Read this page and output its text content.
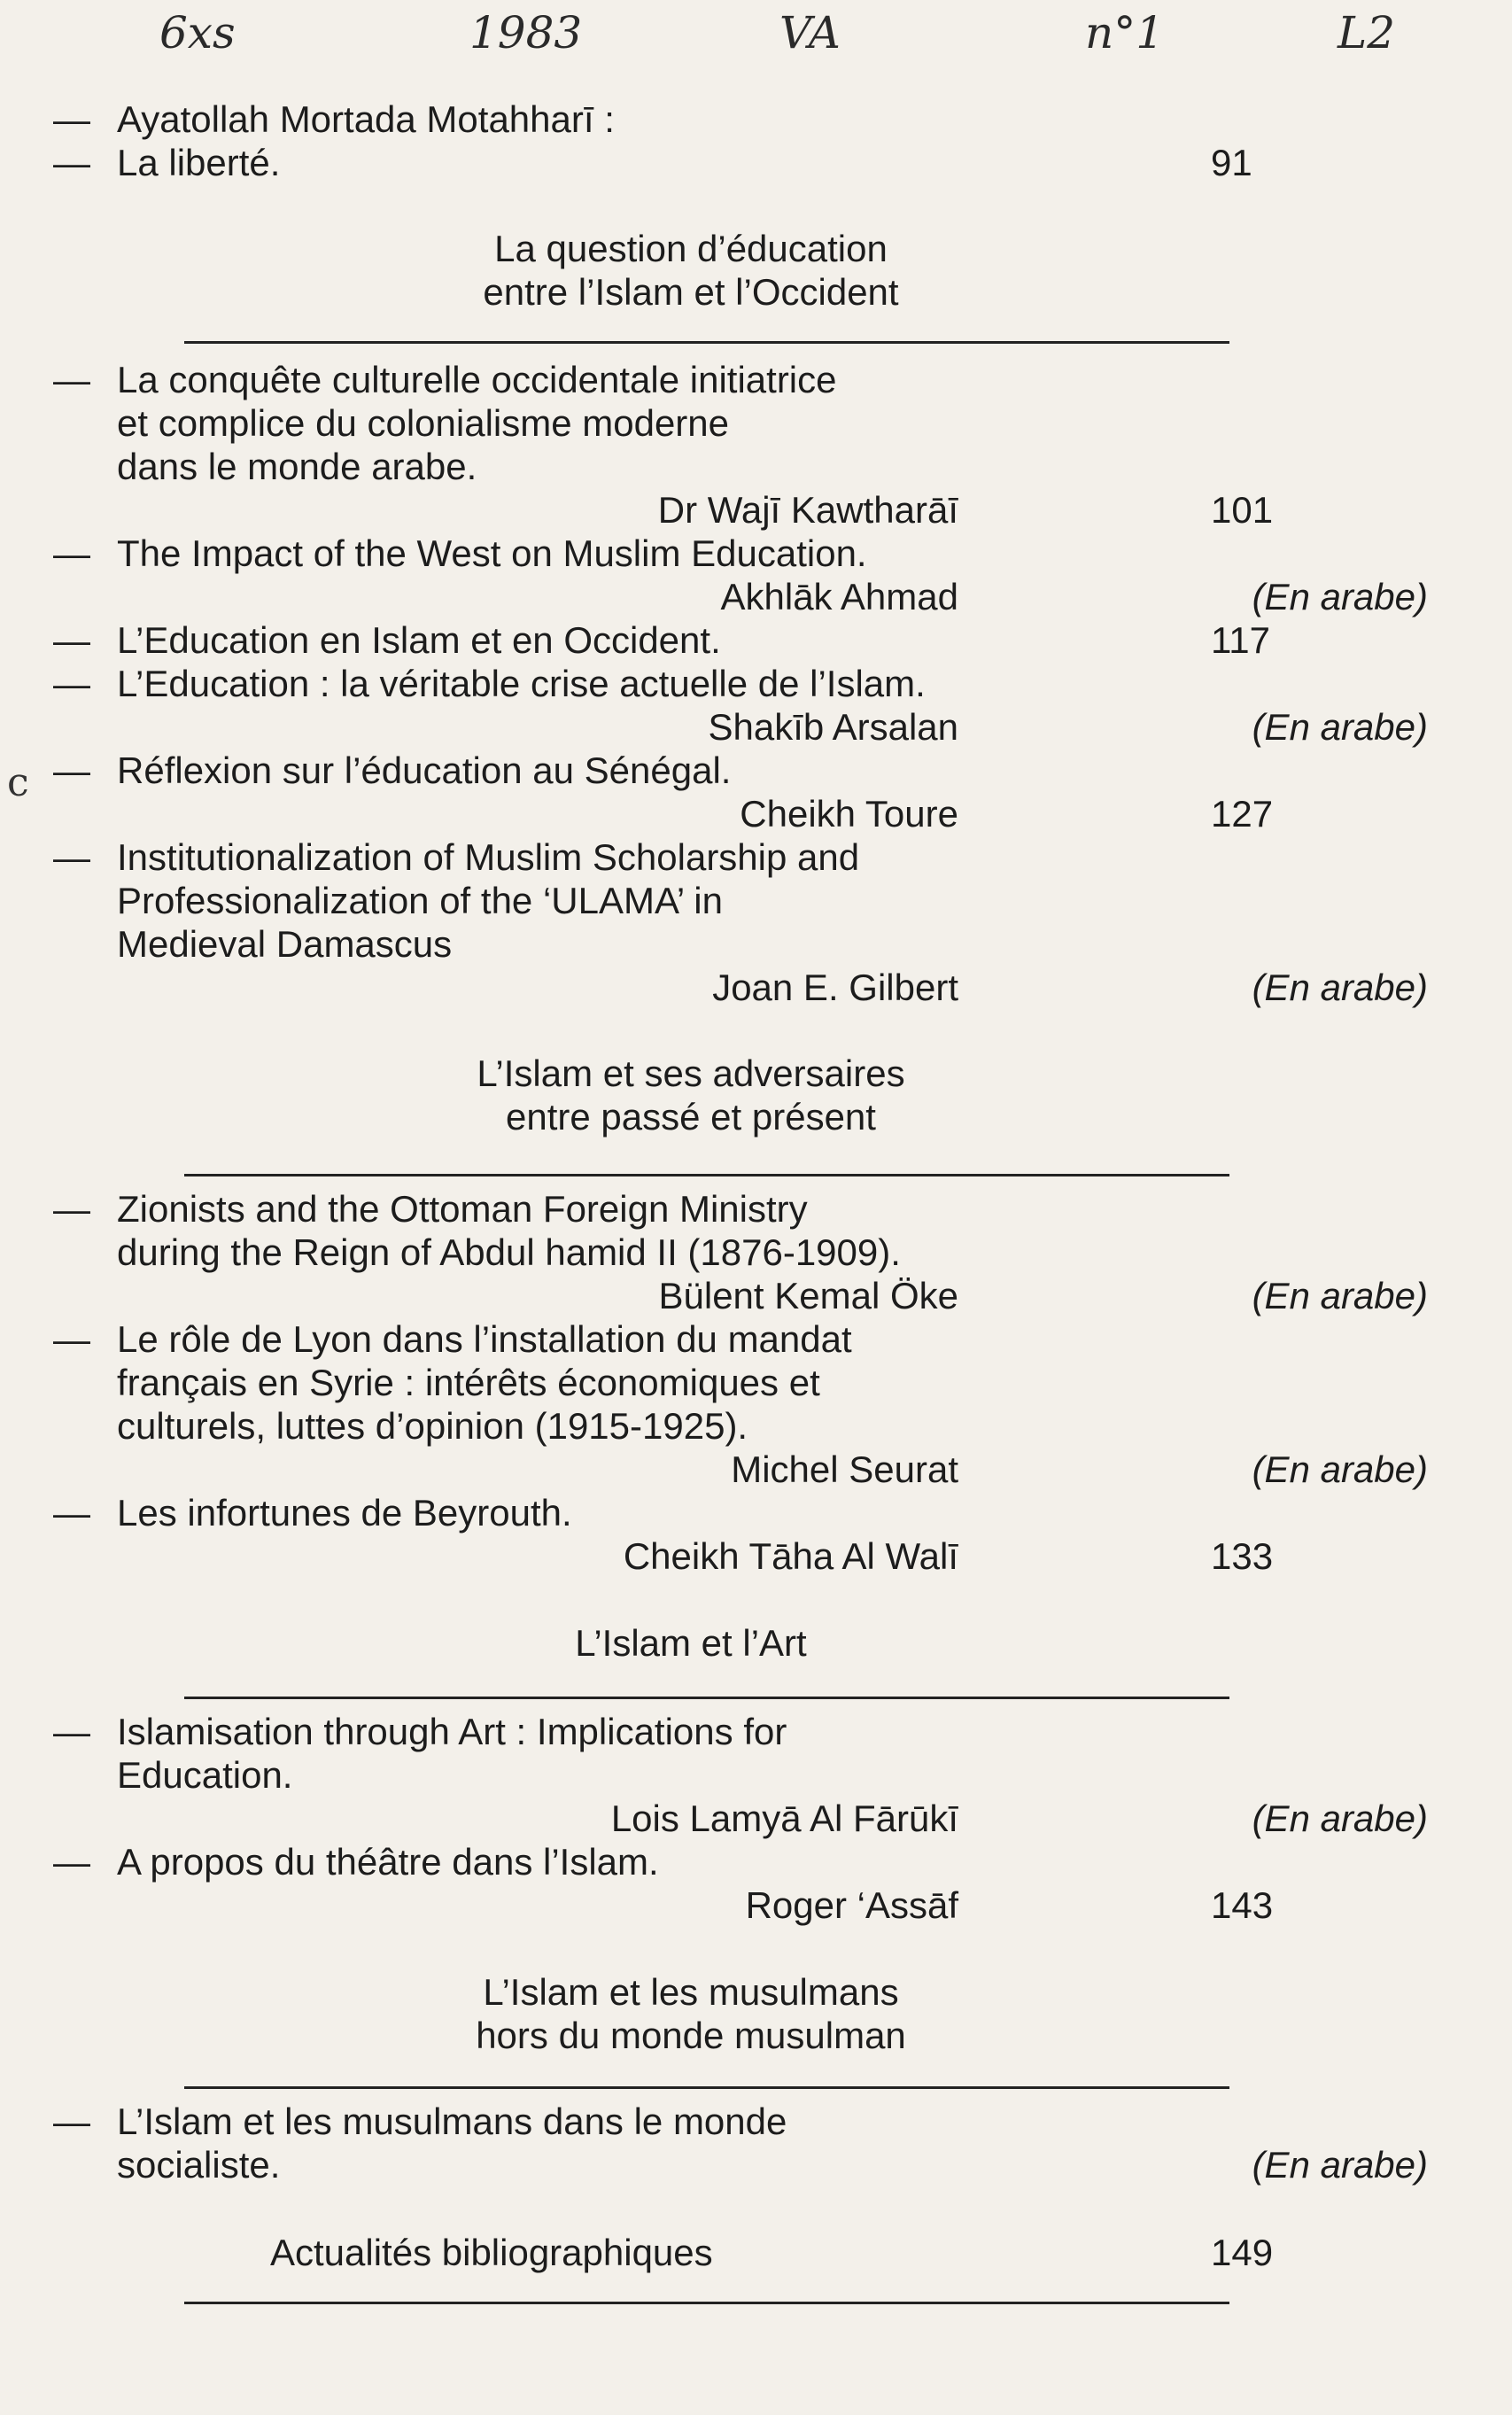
6xs	1983	VA	n°1	L2
c
— Ayatollah Mortada Motahharī :
— La liberté.	91
La question d’éducation
entre l’Islam et l’Occident
— La conquête culturelle occidentale initiatrice
et complice du colonialisme moderne
dans le monde arabe.
Dr Wajī Kawtharāī	101
— The Impact of the West on Muslim Education.
Akhlāk Ahmad	(En arabe)
— L’Education en Islam et en Occident.	117
— L’Education : la véritable crise actuelle de l’Islam.
Shakīb Arsalan	(En arabe)
— Réflexion sur l’éducation au Sénégal.
Cheikh Toure	127
— Institutionalization of Muslim Scholarship and
Professionalization of the ‘ULAMA’ in
Medieval Damascus
Joan E. Gilbert	(En arabe)
L’Islam et ses adversaires
entre passé et présent
— Zionists and the Ottoman Foreign Ministry
during the Reign of Abdul hamid II (1876-1909).
Bülent Kemal Öke	(En arabe)
— Le rôle de Lyon dans l’installation du mandat
français en Syrie : intérêts économiques et
culturels, luttes d’opinion (1915-1925).
Michel Seurat	(En arabe)
— Les infortunes de Beyrouth.
Cheikh Tāha Al Walī	133
L’Islam et l’Art
— Islamisation through Art : Implications for
Education.
Lois Lamyā Al Fārūkī	(En arabe)
— A propos du théâtre dans l’Islam.
Roger ‘Assāf	143
L’Islam et les musulmans
hors du monde musulman
— L’Islam et les musulmans dans le monde
socialiste.	(En arabe)
Actualités bibliographiques	149
